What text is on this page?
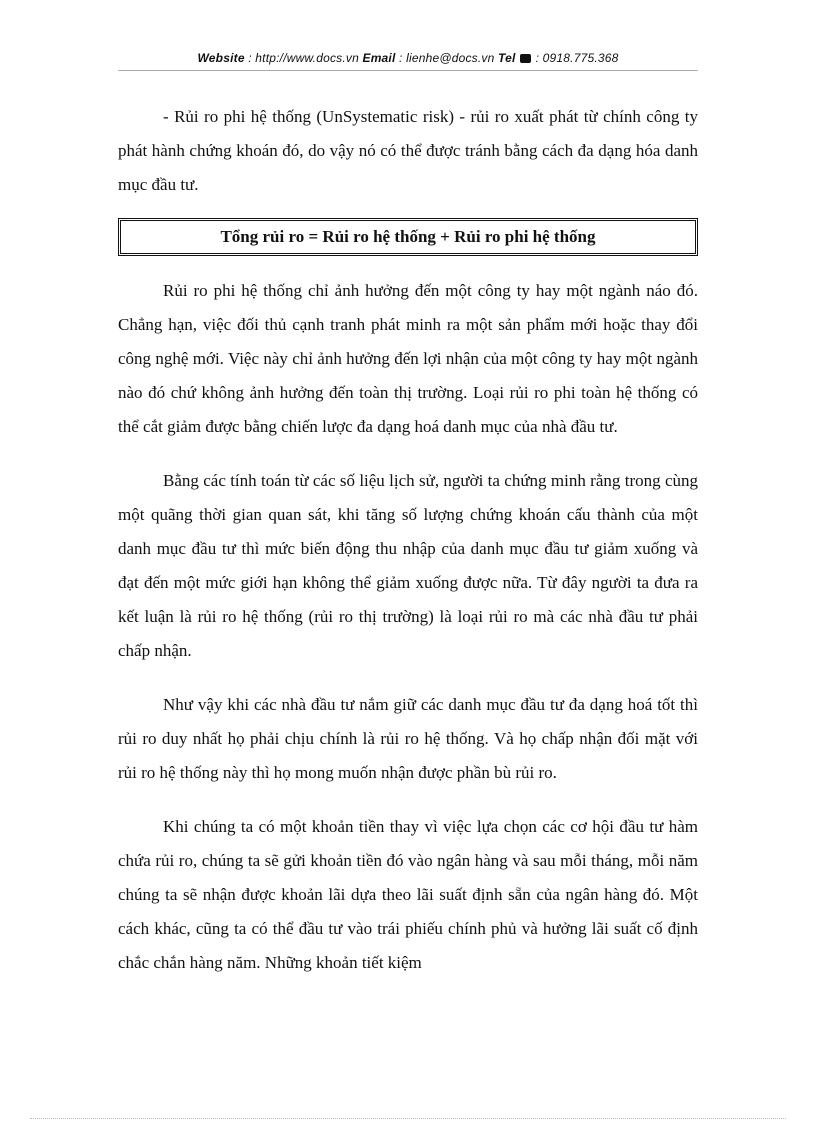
Website : http://www.docs.vn Email : lienhe@docs.vn Tel  : 0918.775.368

- Rủi ro phi hệ thống (UnSystematic risk) - rủi ro xuất phát từ chính công ty phát hành chứng khoán đó, do vậy nó có thể được tránh bằng cách đa dạng hóa danh mục đầu tư.

Tổng rủi ro = Rủi ro hệ thống + Rủi ro phi hệ thống

Rủi ro phi hệ thống chỉ ảnh hưởng đến một công ty hay một ngành náo đó. Chẳng hạn, việc đối thủ cạnh tranh phát minh ra một sản phẩm mới hoặc thay đổi công nghệ mới. Việc này chỉ ảnh hưởng đến lợi nhận của một công ty hay một ngành nào đó chứ không ảnh hưởng đến toàn thị trường. Loại rủi ro phi toàn hệ thống có thể cắt giảm được bằng chiến lược đa dạng hoá danh mục của nhà đầu tư.

Bằng các tính toán từ các số liệu lịch sử, người ta chứng minh rằng trong cùng một quãng thời gian quan sát, khi tăng số lượng chứng khoán cấu thành của một danh mục đầu tư thì mức biến động thu nhập của danh mục đầu tư giảm xuống và đạt đến một mức giới hạn không thể giảm xuống được nữa. Từ đây người ta đưa ra kết luận là rủi ro hệ thống (rủi ro thị trường) là loại rủi ro mà các nhà đầu tư phải chấp nhận.

Như vậy khi các nhà đầu tư nắm giữ các danh mục đầu tư đa dạng hoá tốt thì rủi ro duy nhất họ phải chịu chính là rủi ro hệ thống. Và họ chấp nhận đối mặt với rủi ro hệ thống này thì họ mong muốn nhận được phần bù rủi ro.

Khi chúng ta có một khoản tiền thay vì việc lựa chọn các cơ hội đầu tư hàm chứa rủi ro, chúng ta sẽ gửi khoản tiền đó vào ngân hàng và sau mỗi tháng, mỗi năm chúng ta sẽ nhận được khoản lãi dựa theo lãi suất định sẵn của ngân hàng đó. Một cách khác, cũng ta có thể đầu tư vào trái phiếu chính phủ và hưởng lãi suất cố định chắc chắn hàng năm. Những khoản tiết kiệm
